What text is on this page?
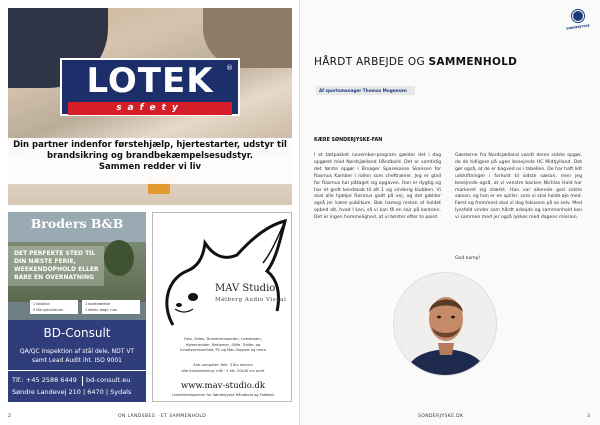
LOTEK	®
safety
Din partner indenfor førstehjælp, hjertestarter, udstyr til
brandsikring og brandbekæmpelsesudstyr.
Sammen redder vi liv
Broders B&B
DET PERFEKTE STED TIL
DIN NÆSTE FERIE,
WEEKENDOPHOLD ELLER
BARE EN OVERNATNING
1 lokation
5 lille opholdsrum
1 badeværelse
1 elektr. dags. rum
BD-Consult
QA/QC inspektion af stål dele, NDT VT
samt Lead Audit iht. ISO 9001
Tlf.: +45 2588 6449 bd-consult.eu
Søndre Landevej 210 | 6470 | Sydals
MAV Studio
Mølberg Audio Visual
Foto, Video, Dronetransporten, Livestream,
Hjemmesider, Reklamer, Stille, Trailer- og
Inhaltsvirksomhed, PC og Mac-Support og mere
Alle computer: tekl. 3 års service
Alle livestreaming: mål · 1 tdt. 20x30 cm print
www.mav-studio.dk
Livestreampartner for Sønderjyske Håndbold og Fodbold
2	ON LANDSBEG · ET SAMMENHOLD
SØNDERJYSKE
HÅRDT ARBEJDE OG SAMMENHOLD
Af sportsmanager Thomas Mogensen
KÆRE SØNDERJYSKE-FAN
I et tætpakket november-program gælder det i dag opgøret mod Nordsjælland Håndbold. Det er samtidig det første opgør i Broager Sparekasse Skansen for Rasmus Kamber i rollen som cheftræner. Jeg er glad for Rasmus har påtaget sig opgaven. Han er dygtig og har et godt kendskab til alt 1 og vinderig klubben. Vi skal alle hjælpe Rasmus godt på vej, og det gælder også jer kære publikum. Bak hamog resten af holdet opbed alt, hvad I kan, så vi kan få en sejr på kontoen. Det er ingen hemmelighed, at vi tørster efter to point.
Gæsterne fra Nordsjælland vandt deres sidste opgør, da de tidligere på ugen besejrede HC Midtjylland. Det gør også, at de er bagved os i tabellen. De har haft lidt udskiftninger i forhold til sidste sæson, men jeg besejrede også, at vi venstre backen Nichlas Hald har markeret sig stærkt. Han var allerede god sidste sæson, og han er en spiller, som vi skal holde øje med. Først og fremmest skal vi dog fokusere på os selv. Med lyssfald vinder som hårdt arbejde og sammenhold kan vi sammen med jer også lykkes med dagens mission.
God kamp!
SONDERJYSKE.DK	3
